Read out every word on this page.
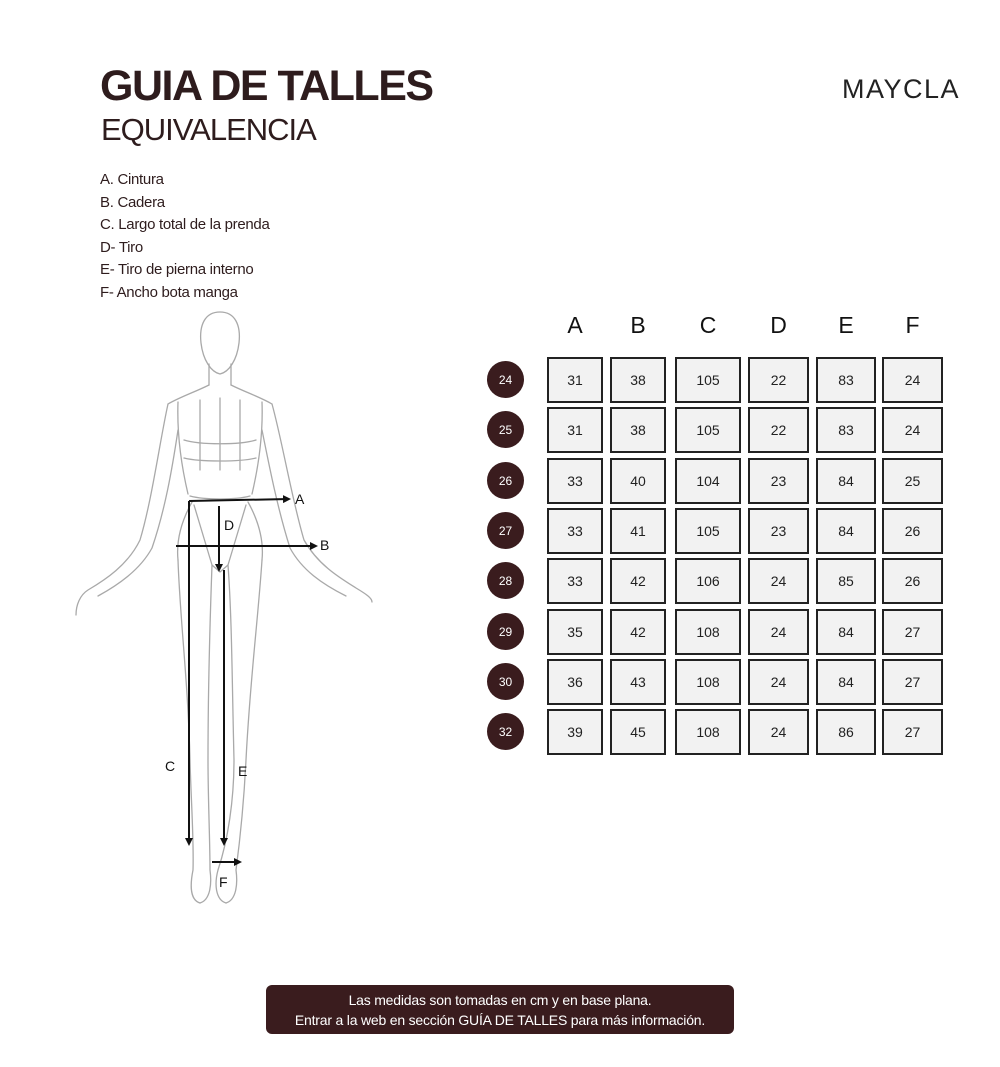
GUIA DE TALLES
EQUIVALENCIA
MAYCLA
A. Cintura
B. Cadera
C. Largo total de la prenda
D- Tiro
E- Tiro de pierna interno
F- Ancho bota manga
A
B
C
D
E
F
A	B	C	D	E	F
24	31	38	105	22	83	24
25	31	38	105	22	83	24
26	33	40	104	23	84	25
27	33	41	105	23	84	26
28	33	42	106	24	85	26
29	35	42	108	24	84	27
30	36	43	108	24	84	27
32	39	45	108	24	86	27
Las medidas son tomadas en cm y en base plana.
Entrar a la web en sección GUÍA DE TALLES para más información.
